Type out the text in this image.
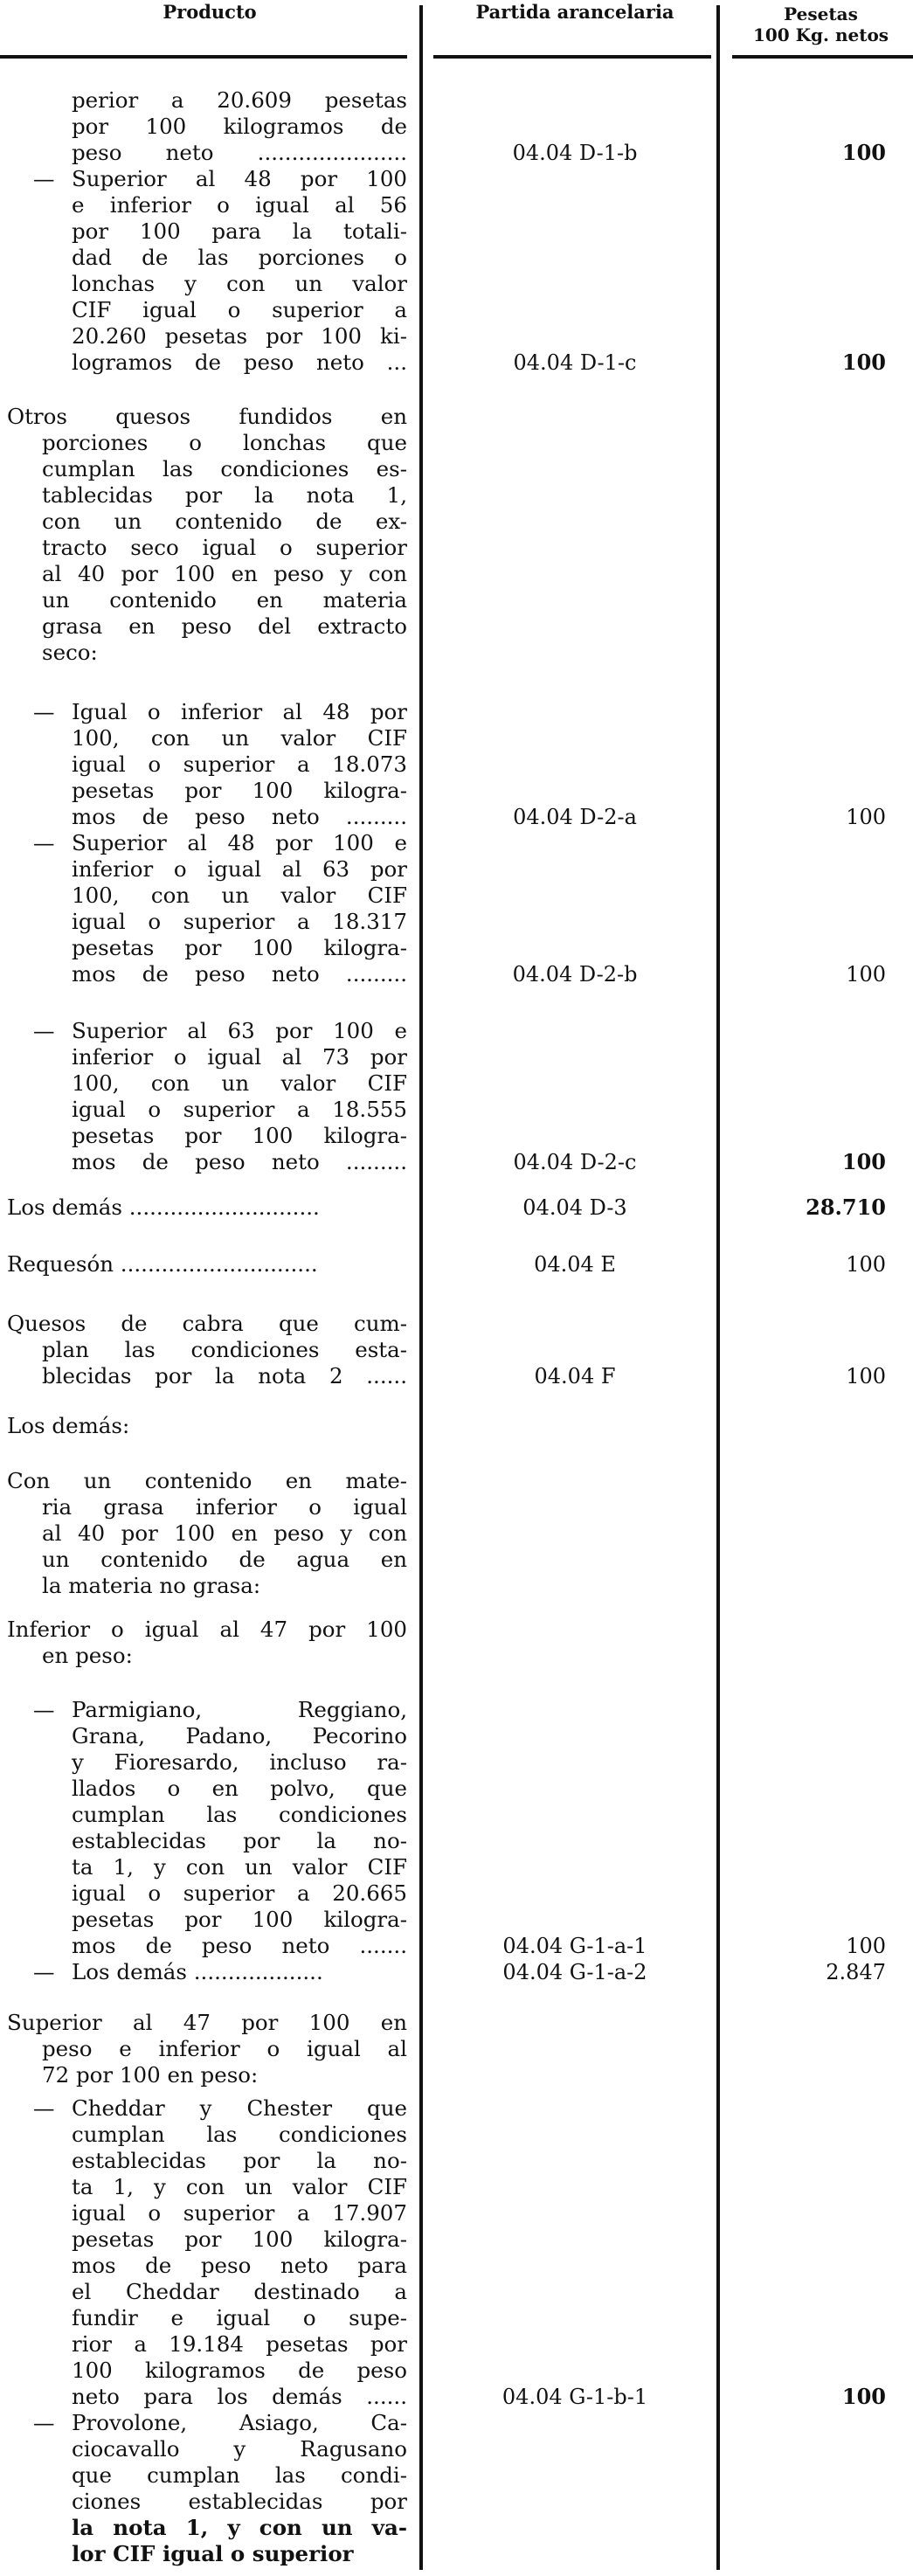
Producto	Partida arancelaria	Pesetas
100 Kg. netos
perior a 20.609 pesetas
por 100 kilogramos de
peso neto ......................	04.04 D-1-b	100
— Superior al 48 por 100
e inferior o igual al 56
por 100 para la totali-
dad de las porciones o
lonchas y con un valor
CIF igual o superior a
20.260 pesetas por 100 ki-
logramos de peso neto ...	04.04 D-1-c	100
Otros quesos fundidos en
porciones o lonchas que
cumplan las condiciones es-
tablecidas por la nota 1,
con un contenido de ex-
tracto seco igual o superior
al 40 por 100 en peso y con
un contenido en materia
grasa en peso del extracto
seco:
— Igual o inferior al 48 por
100, con un valor CIF
igual o superior a 18.073
pesetas por 100 kilogra-
mos de peso neto .........	04.04 D-2-a	100
— Superior al 48 por 100 e
inferior o igual al 63 por
100, con un valor CIF
igual o superior a 18.317
pesetas por 100 kilogra-
mos de peso neto .........	04.04 D-2-b	100
— Superior al 63 por 100 e
inferior o igual al 73 por
100, con un valor CIF
igual o superior a 18.555
pesetas por 100 kilogra-
mos de peso neto .........	04.04 D-2-c	100
Los demás ............................	04.04 D-3	28.710
Requesón .............................	04.04 E	100
Quesos de cabra que cum-
plan las condiciones esta-
blecidas por la nota 2 ......	04.04 F	100
Los demás:
Con un contenido en mate-
ria grasa inferior o igual
al 40 por 100 en peso y con
un contenido de agua en
la materia no grasa:
Inferior o igual al 47 por 100
en peso:
— Parmigiano, Reggiano,
Grana, Padano, Pecorino
y Fioresardo, incluso ra-
llados o en polvo, que
cumplan las condiciones
establecidas por la no-
ta 1, y con un valor CIF
igual o superior a 20.665
pesetas por 100 kilogra-
mos de peso neto .......	04.04 G-1-a-1	100
— Los demás ...................	04.04 G-1-a-2	2.847
Superior al 47 por 100 en
peso e inferior o igual al
72 por 100 en peso:
— Cheddar y Chester que
cumplan las condiciones
establecidas por la no-
ta 1, y con un valor CIF
igual o superior a 17.907
pesetas por 100 kilogra-
mos de peso neto para
el Cheddar destinado a
fundir e igual o supe-
rior a 19.184 pesetas por
100 kilogramos de peso
neto para los demás ......	04.04 G-1-b-1	100
— Provolone, Asiago, Ca-
ciocavallo y Ragusano
que cumplan las condi-
ciones establecidas por
la nota 1, y con un va-
lor CIF igual o superior
